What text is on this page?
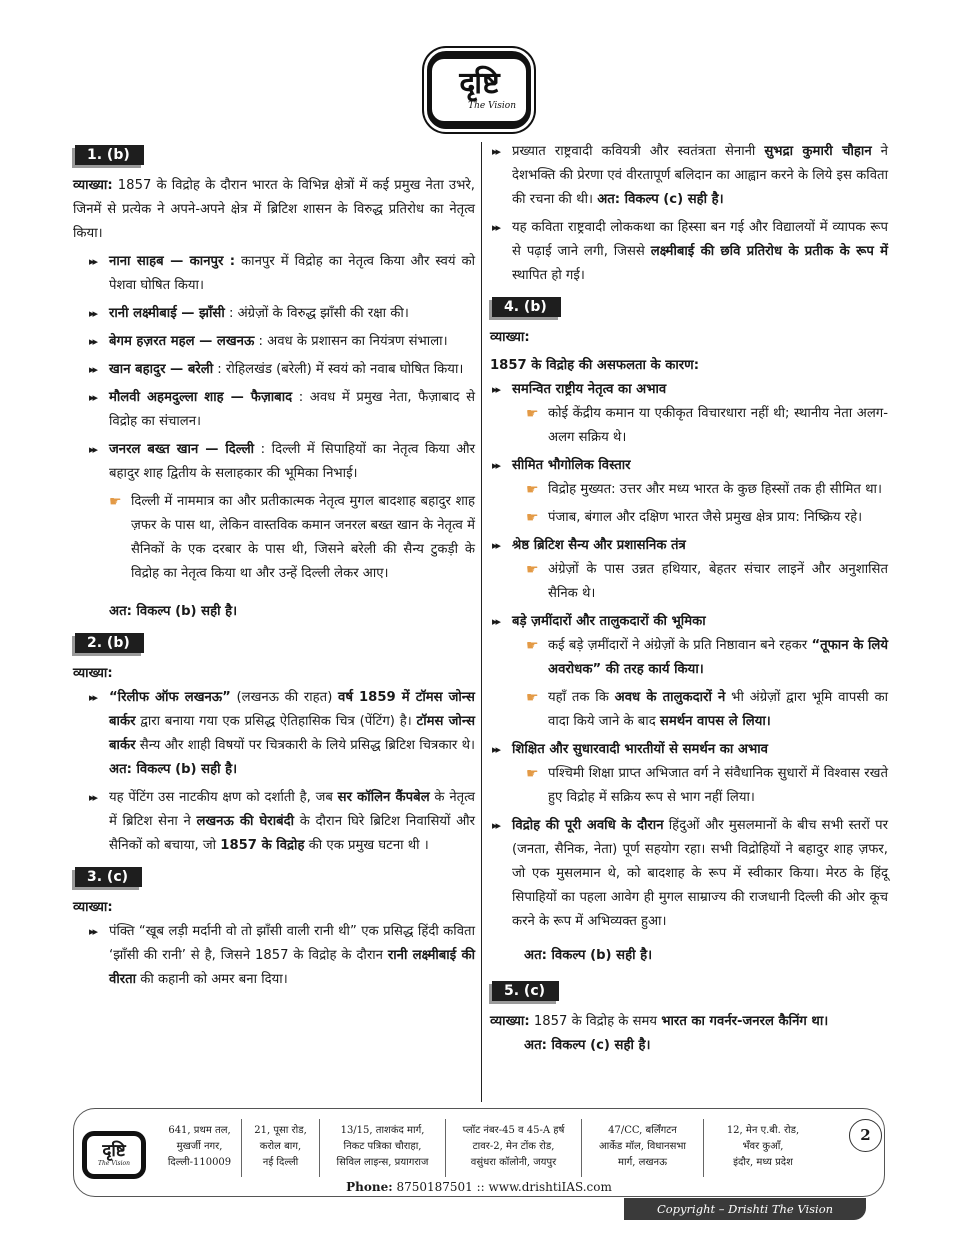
दृष्टि
The Vision
1. (b)

व्याख्या: 1857 के विद्रोह के दौरान भारत के विभिन्न क्षेत्रों में कई प्रमुख नेता उभरे, जिनमें से प्रत्येक ने अपने-अपने क्षेत्र में ब्रिटिश शासन के विरुद्ध प्रतिरोध का नेतृत्व किया।

▸▸ नाना साहब — कानपुर : कानपुर में विद्रोह का नेतृत्व किया और स्वयं को पेशवा घोषित किया।
▸▸ रानी लक्ष्मीबाई — झाँसी : अंग्रेज़ों के विरुद्ध झाँसी की रक्षा की।
▸▸ बेगम हज़रत महल — लखनऊ : अवध के प्रशासन का नियंत्रण संभाला।
▸▸ खान बहादुर — बरेली : रोहिलखंड (बरेली) में स्वयं को नवाब घोषित किया।
▸▸ मौलवी अहमदुल्ला शाह — फैज़ाबाद : अवध में प्रमुख नेता, फैज़ाबाद से विद्रोह का संचालन।
▸▸ जनरल बख्त खान — दिल्ली : दिल्ली में सिपाहियों का नेतृत्व किया और बहादुर शाह द्वितीय के सलाहकार की भूमिका निभाई।
☛ दिल्ली में नाममात्र का और प्रतीकात्मक नेतृत्व मुगल बादशाह बहादुर शाह ज़फर के पास था, लेकिन वास्तविक कमान जनरल बख्त खान के नेतृत्व में सैनिकों के एक दरबार के पास थी, जिसने बरेली की सैन्य टुकड़ी के विद्रोह का नेतृत्व किया था और उन्हें दिल्ली लेकर आए।

अत: विकल्प (b) सही है।

2. (b)

व्याख्या:

▸▸ “रिलीफ ऑफ लखनऊ” (लखनऊ की राहत) वर्ष 1859 में टॉमस जोन्स बार्कर द्वारा बनाया गया एक प्रसिद्ध ऐतिहासिक चित्र (पेंटिंग) है। टॉमस जोन्स बार्कर सैन्य और शाही विषयों पर चित्रकारी के लिये प्रसिद्ध ब्रिटिश चित्रकार थे। अत: विकल्प (b) सही है।
▸▸ यह पेंटिंग उस नाटकीय क्षण को दर्शाती है, जब सर कॉलिन कैंपबेल के नेतृत्व में ब्रिटिश सेना ने लखनऊ की घेराबंदी के दौरान घिरे ब्रिटिश निवासियों और सैनिकों को बचाया, जो 1857 के विद्रोह की एक प्रमुख घटना थी ।
3. (c)

व्याख्या:

▸▸ पंक्ति “खूब लड़ी मर्दानी वो तो झाँसी वाली रानी थी” एक प्रसिद्ध हिंदी कविता ‘झाँसी की रानी’ से है, जिसने 1857 के विद्रोह के दौरान रानी लक्ष्मीबाई की वीरता की कहानी को अमर बना दिया।
▸▸ प्रख्यात राष्ट्रवादी कवियत्री और स्वतंत्रता सेनानी सुभद्रा कुमारी चौहान ने देशभक्ति की प्रेरणा एवं वीरतापूर्ण बलिदान का आह्वान करने के लिये इस कविता की रचना की थी। अत: विकल्प (c) सही है।
▸▸ यह कविता राष्ट्रवादी लोककथा का हिस्सा बन गई और विद्यालयों में व्यापक रूप से पढ़ाई जाने लगी, जिससे लक्ष्मीबाई की छवि प्रतिरोध के प्रतीक के रूप में स्थापित हो गई।
4. (b)

व्याख्या:

1857 के विद्रोह की असफलता के कारण:

▸▸ समन्वित राष्ट्रीय नेतृत्व का अभाव
☛ कोई केंद्रीय कमान या एकीकृत विचारधारा नहीं थी; स्थानीय नेता अलग-अलग सक्रिय थे।
▸▸ सीमित भौगोलिक विस्तार
☛ विद्रोह मुख्यत: उत्तर और मध्य भारत के कुछ हिस्सों तक ही सीमित था।
☛ पंजाब, बंगाल और दक्षिण भारत जैसे प्रमुख क्षेत्र प्राय: निष्क्रिय रहे।
▸▸ श्रेष्ठ ब्रिटिश सैन्य और प्रशासनिक तंत्र
☛ अंग्रेज़ों के पास उन्नत हथियार, बेहतर संचार लाइनें और अनुशासित सैनिक थे।
▸▸ बड़े ज़मींदारों और तालुकदारों की भूमिका
☛ कई बड़े ज़मींदारों ने अंग्रेज़ों के प्रति निष्ठावान बने रहकर “तूफान के लिये अवरोधक” की तरह कार्य किया।
☛ यहाँ तक कि अवध के तालुकदारों ने भी अंग्रेज़ों द्वारा भूमि वापसी का वादा किये जाने के बाद समर्थन वापस ले लिया।
▸▸ शिक्षित और सुधारवादी भारतीयों से समर्थन का अभाव
☛ पश्चिमी शिक्षा प्राप्त अभिजात वर्ग ने संवैधानिक सुधारों में विश्वास रखते हुए विद्रोह में सक्रिय रूप से भाग नहीं लिया।
▸▸ विद्रोह की पूरी अवधि के दौरान हिंदुओं और मुसलमानों के बीच सभी स्तरों पर (जनता, सैनिक, नेता) पूर्ण सहयोग रहा। सभी विद्रोहियों ने बहादुर शाह ज़फर, जो एक मुसलमान थे, को बादशाह के रूप में स्वीकार किया। मेरठ के हिंदू सिपाहियों का पहला आवेग ही मुगल साम्राज्य की राजधानी दिल्ली की ओर कूच करने के रूप में अभिव्यक्त हुआ।

अत: विकल्प (b) सही है।

5. (c)

व्याख्या: 1857 के विद्रोह के समय भारत का गवर्नर-जनरल कैनिंग था।

अत: विकल्प (c) सही है।

दृष्टि
The Vision
641, प्रथम तल,
मुखर्जी नगर,
दिल्ली-110009
21, पूसा रोड,
करोल बाग,
नई दिल्ली
13/15, ताशकंद मार्ग,
निकट पत्रिका चौराहा,
सिविल लाइन्स, प्रयागराज
प्लॉट नंबर-45 व 45-A हर्ष
टावर-2, मेन टोंक रोड,
वसुंधरा कॉलोनी, जयपुर
47/CC, बर्लिंगटन
आर्केड मॉल, विधानसभा
मार्ग, लखनऊ
12, मेन ए.बी. रोड,
भँवर कुआँ,
इंदौर, मध्य प्रदेश
2
Phone: 8750187501 :: www.drishtiIAS.com
Copyright – Drishti The Vision Foundation
